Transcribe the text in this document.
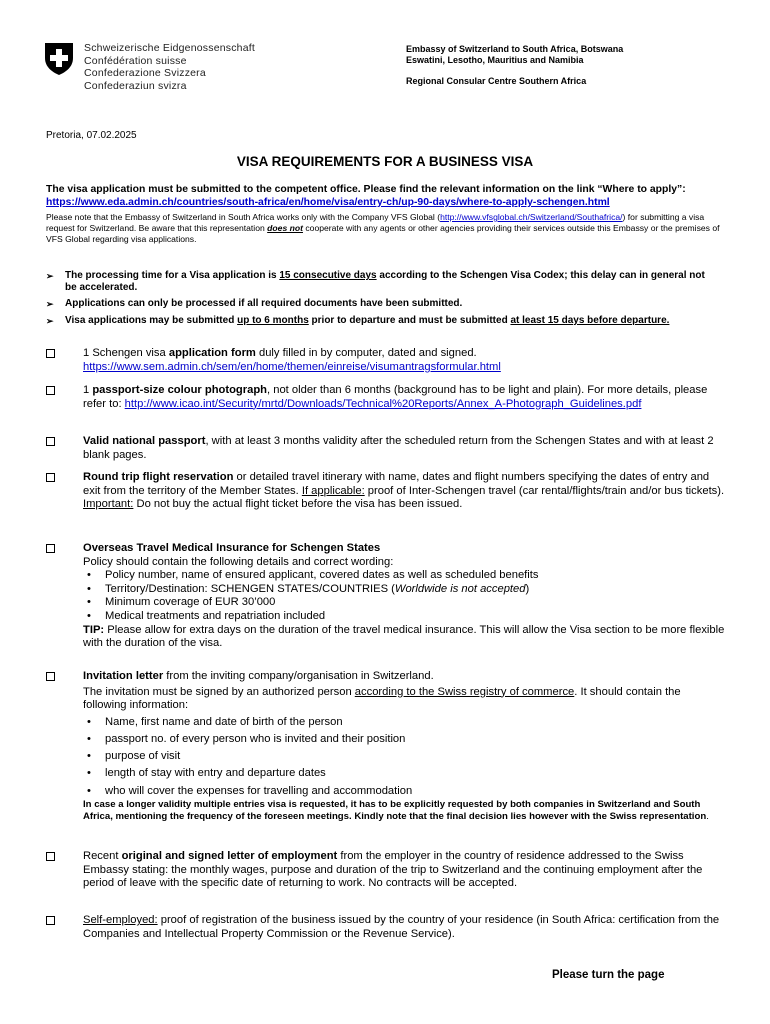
Schweizerische Eidgenossenschaft
Confédération suisse
Confederazione Svizzera
Confederaziun svizra
Embassy of Switzerland to South Africa, Botswana
Eswatini, Lesotho, Mauritius and Namibia
Regional Consular Centre Southern Africa
Pretoria, 07.02.2025
VISA REQUIREMENTS FOR A BUSINESS VISA
The visa application must be submitted to the competent office. Please find the relevant information on the link “Where to apply”: https://www.eda.admin.ch/countries/south-africa/en/home/visa/entry-ch/up-90-days/where-to-apply-schengen.html
Please note that the Embassy of Switzerland in South Africa works only with the Company VFS Global (http://www.vfsglobal.ch/Switzerland/Southafrica/) for submitting a visa request for Switzerland. Be aware that this representation does not cooperate with any agents or other agencies providing their services outside this Embassy or the premises of VFS Global regarding visa applications.
➢ The processing time for a Visa application is 15 consecutive days according to the Schengen Visa Codex; this delay can in general not be accelerated.
➢ Applications can only be processed if all required documents have been submitted.
➢ Visa applications may be submitted up to 6 months prior to departure and must be submitted at least 15 days before departure.
1 Schengen visa application form duly filled in by computer, dated and signed.
https://www.sem.admin.ch/sem/en/home/themen/einreise/visumantragsformular.html
1 passport-size colour photograph, not older than 6 months (background has to be light and plain). For more details, please refer to: http://www.icao.int/Security/mrtd/Downloads/Technical%20Reports/Annex_A-Photograph_Guidelines.pdf
Valid national passport, with at least 3 months validity after the scheduled return from the Schengen States and with at least 2 blank pages.
Round trip flight reservation or detailed travel itinerary with name, dates and flight numbers specifying the dates of entry and exit from the territory of the Member States. If applicable: proof of Inter-Schengen travel (car rental/flights/train and/or bus tickets).
Important: Do not buy the actual flight ticket before the visa has been issued.
Overseas Travel Medical Insurance for Schengen States
Policy should contain the following details and correct wording:
• Policy number, name of ensured applicant, covered dates as well as scheduled benefits
• Territory/Destination: SCHENGEN STATES/COUNTRIES (Worldwide is not accepted)
• Minimum coverage of EUR 30’000
• Medical treatments and repatriation included
TIP: Please allow for extra days on the duration of the travel medical insurance. This will allow the Visa section to be more flexible with the duration of the visa.
Invitation letter from the inviting company/organisation in Switzerland.
The invitation must be signed by an authorized person according to the Swiss registry of commerce. It should contain the following information:
• Name, first name and date of birth of the person
• passport no. of every person who is invited and their position
• purpose of visit
• length of stay with entry and departure dates
• who will cover the expenses for travelling and accommodation
In case a longer validity multiple entries visa is requested, it has to be explicitly requested by both companies in Switzerland and South Africa, mentioning the frequency of the foreseen meetings. Kindly note that the final decision lies however with the Swiss representation.
Recent original and signed letter of employment from the employer in the country of residence addressed to the Swiss Embassy stating: the monthly wages, purpose and duration of the trip to Switzerland and the continuing employment after the period of leave with the specific date of returning to work. No contracts will be accepted.
Self-employed: proof of registration of the business issued by the country of your residence (in South Africa: certification from the Companies and Intellectual Property Commission or the Revenue Service).
Please turn the page
